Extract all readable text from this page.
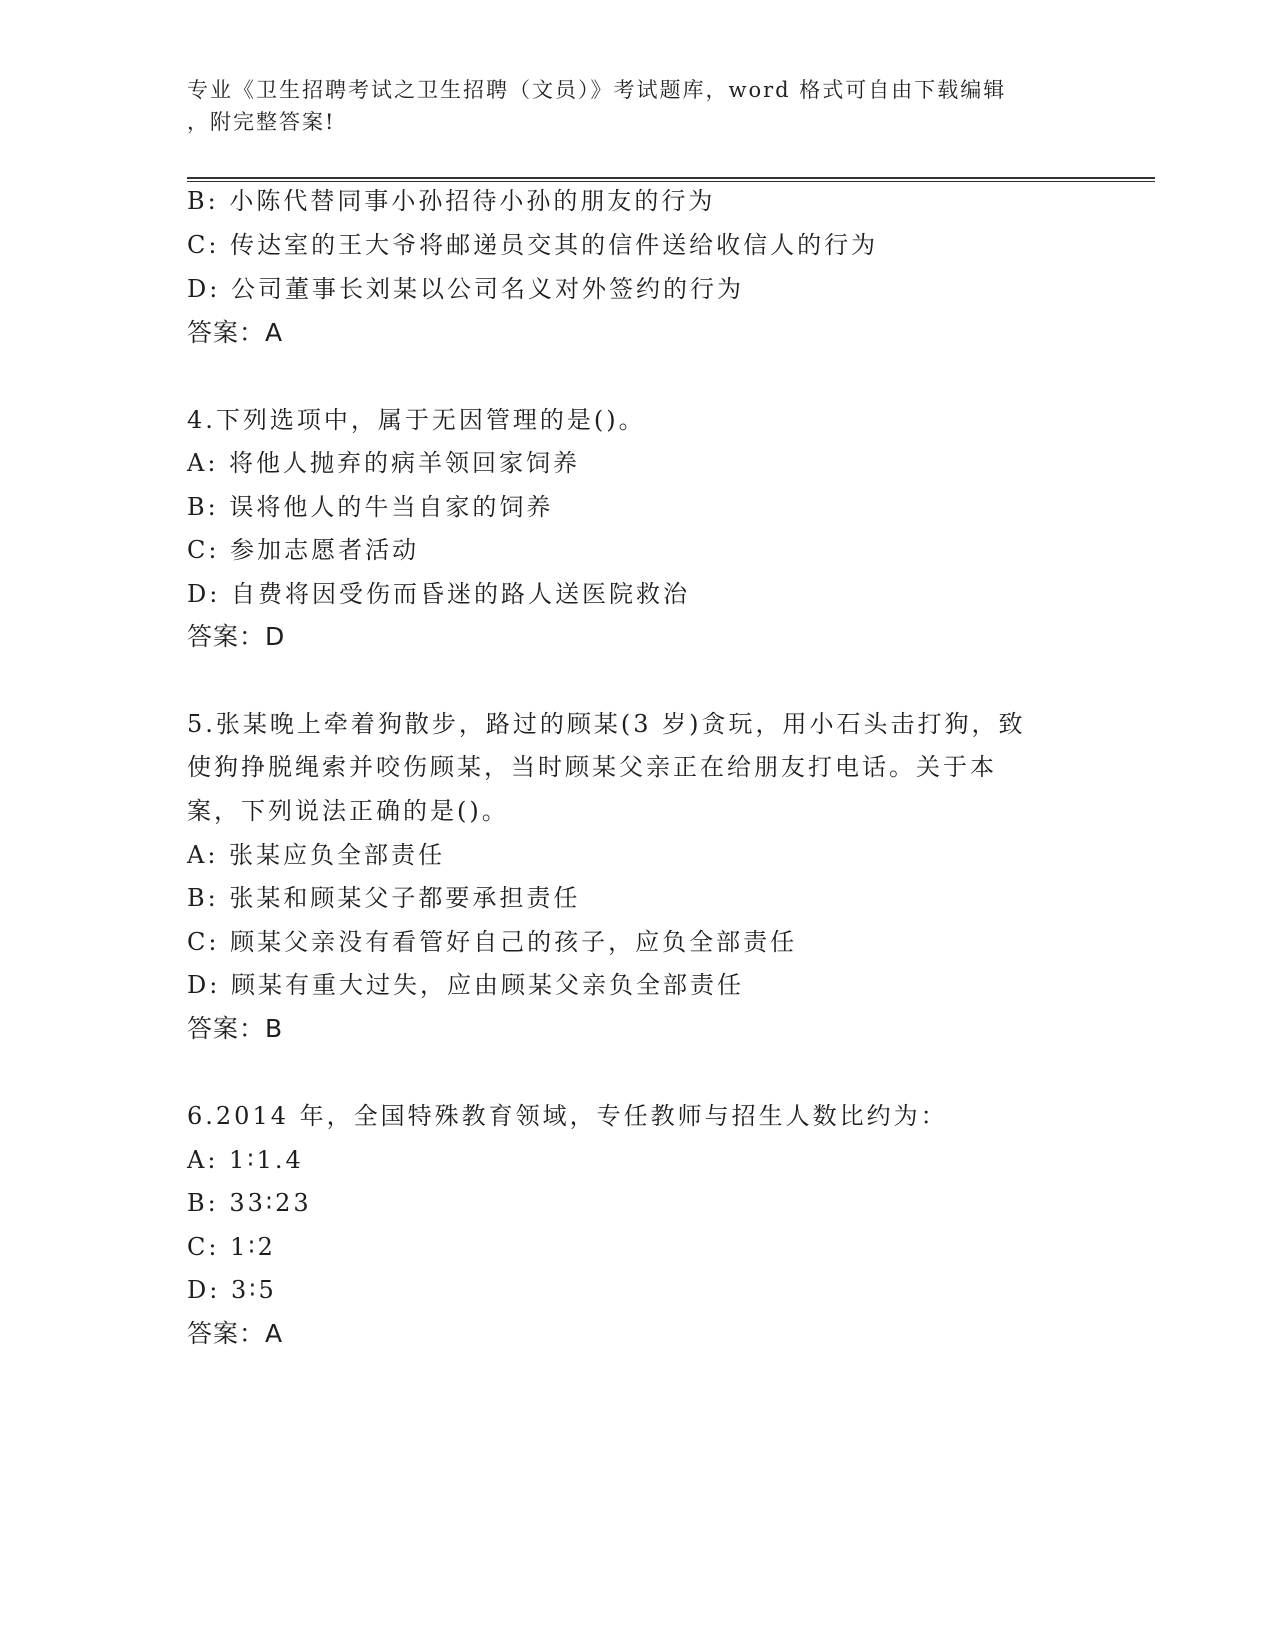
专业《卫生招聘考试之卫生招聘（文员）》考试题库，word 格式可自由下载编辑
，附完整答案!
B: 小陈代替同事小孙招待小孙的朋友的行为
C: 传达室的王大爷将邮递员交其的信件送给收信人的行为
D: 公司董事长刘某以公司名义对外签约的行为
答案：A
4.下列选项中，属于无因管理的是()。
A: 将他人抛弃的病羊领回家饲养
B: 误将他人的牛当自家的饲养
C: 参加志愿者活动
D: 自费将因受伤而昏迷的路人送医院救治
答案：D
5.张某晚上牵着狗散步，路过的顾某(3 岁)贪玩，用小石头击打狗，致
使狗挣脱绳索并咬伤顾某，当时顾某父亲正在给朋友打电话。关于本
案，下列说法正确的是()。
A: 张某应负全部责任
B: 张某和顾某父子都要承担责任
C: 顾某父亲没有看管好自己的孩子，应负全部责任
D: 顾某有重大过失，应由顾某父亲负全部责任
答案：B
6.2014 年，全国特殊教育领域，专任教师与招生人数比约为：
A: 1∶1.4
B: 33∶23
C: 1∶2
D: 3∶5
答案：A
